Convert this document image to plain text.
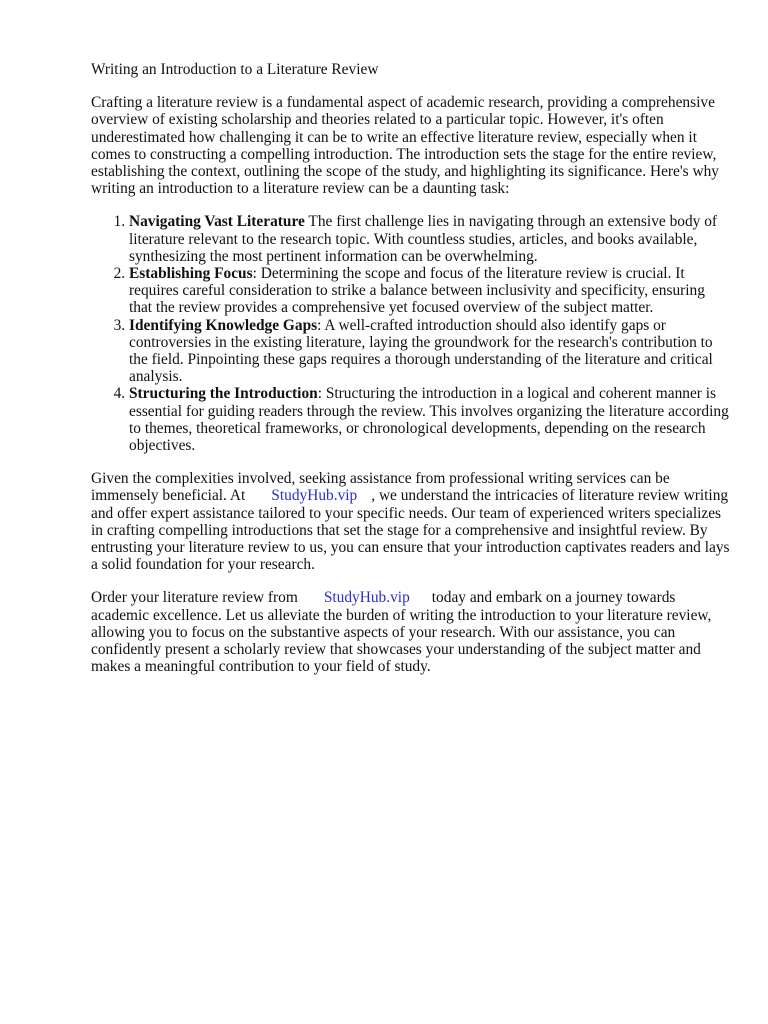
Writing an Introduction to a Literature Review

Crafting a literature review is a fundamental aspect of academic research, providing a comprehensive overview of existing scholarship and theories related to a particular topic. However, it's often underestimated how challenging it can be to write an effective literature review, especially when it comes to constructing a compelling introduction. The introduction sets the stage for the entire review, establishing the context, outlining the scope of the study, and highlighting its significance. Here's why writing an introduction to a literature review can be a daunting task:

1. Navigating Vast Literature The first challenge lies in navigating through an extensive body of literature relevant to the research topic. With countless studies, articles, and books available, synthesizing the most pertinent information can be overwhelming.
2. Establishing Focus: Determining the scope and focus of the literature review is crucial. It requires careful consideration to strike a balance between inclusivity and specificity, ensuring that the review provides a comprehensive yet focused overview of the subject matter.
3. Identifying Knowledge Gaps: A well-crafted introduction should also identify gaps or controversies in the existing literature, laying the groundwork for the research's contribution to the field. Pinpointing these gaps requires a thorough understanding of the literature and critical analysis.
4. Structuring the Introduction: Structuring the introduction in a logical and coherent manner is essential for guiding readers through the review. This involves organizing the literature according to themes, theoretical frameworks, or chronological developments, depending on the research objectives.

Given the complexities involved, seeking assistance from professional writing services can be immensely beneficial. At StudyHub.vip , we understand the intricacies of literature review writing and offer expert assistance tailored to your specific needs. Our team of experienced writers specializes in crafting compelling introductions that set the stage for a comprehensive and insightful review. By entrusting your literature review to us, you can ensure that your introduction captivates readers and lays a solid foundation for your research.

Order your literature review from StudyHub.vip today and embark on a journey towards academic excellence. Let us alleviate the burden of writing the introduction to your literature review, allowing you to focus on the substantive aspects of your research. With our assistance, you can confidently present a scholarly review that showcases your understanding of the subject matter and makes a meaningful contribution to your field of study.
